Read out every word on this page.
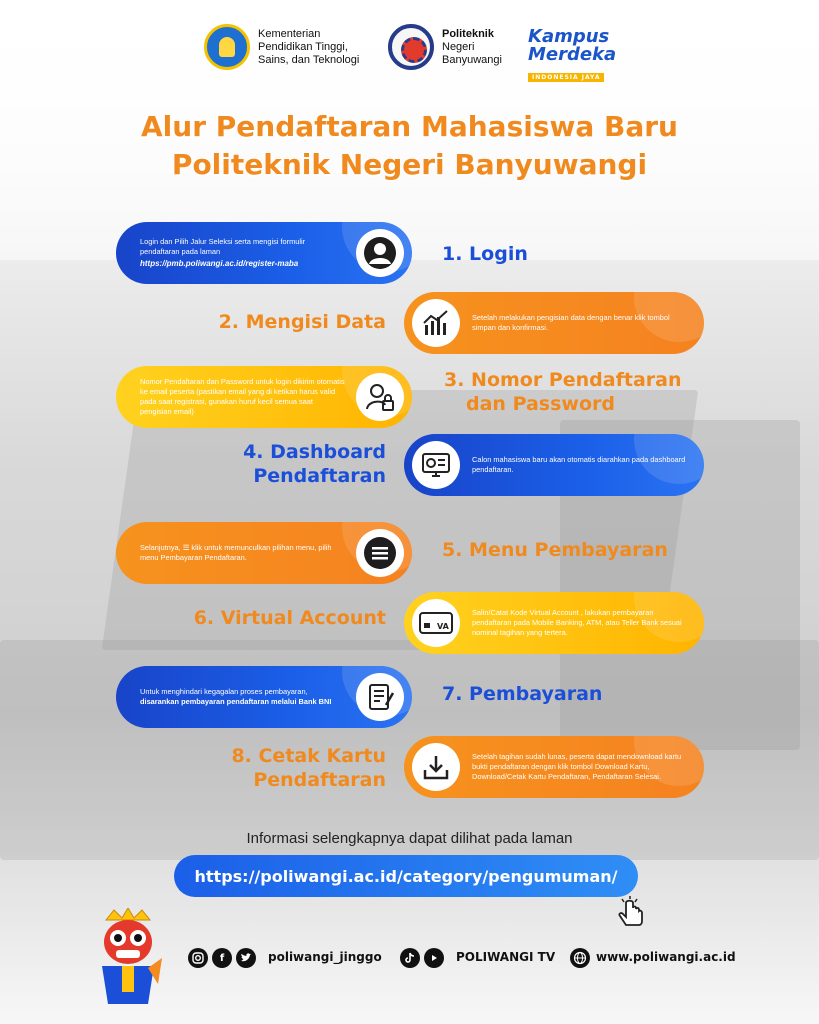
Kementerian
Pendidikan Tinggi,
Sains, dan Teknologi
Politeknik
Negeri
Banyuwangi
Kampus
Merdeka
INDONESIA JAYA
Alur Pendaftaran Mahasiswa Baru
Politeknik Negeri Banyuwangi
Login dan Pilih Jalur Seleksi serta mengisi formulir pendaftaran pada laman
https://pmb.poliwangi.ac.id/register-maba	1. Login
2. Mengisi Data	Setelah melakukan pengisian data dengan benar klik tombol simpan dan konfirmasi.
Nomor Pendaftaran dan Password untuk login dikirim otomatis ke email peserta (pastikan email yang di ketikan harus valid pada saat registrasi, gunakan huruf kecil semua saat pengisian email)
3. Nomor Pendaftaran
dan Password
4. Dashboard
Pendaftaran
Calon mahasiswa baru akan otomatis diarahkan pada dashboard pendaftaran.
Selanjutnya, ☰ klik untuk memunculkan pilihan menu, pilih menu Pembayaran Pendaftaran.	5. Menu Pembayaran
6. Virtual Account	VA
Salin/Catat Kode Virtual Account , lakukan pembayaran pendaftaran pada Mobile Banking, ATM, atau Teller Bank sesuai nominal tagihan yang tertera.
Untuk menghindari kegagalan proses pembayaran,
disarankan pembayaran pendaftaran melalui Bank BNI	7. Pembayaran
8. Cetak Kartu
Pendaftaran
Setelah tagihan sudah lunas, peserta dapat mendownload kartu bukti pendaftaran dengan klik tombol Download Kartu, Download/Cetak Kartu Pendaftaran, Pendaftaran Selesai.
Informasi selengkapnya dapat dilihat pada laman
https://poliwangi.ac.id/category/pengumuman/
f	poliwangi_jinggo	POLIWANGI TV	www.poliwangi.ac.id
